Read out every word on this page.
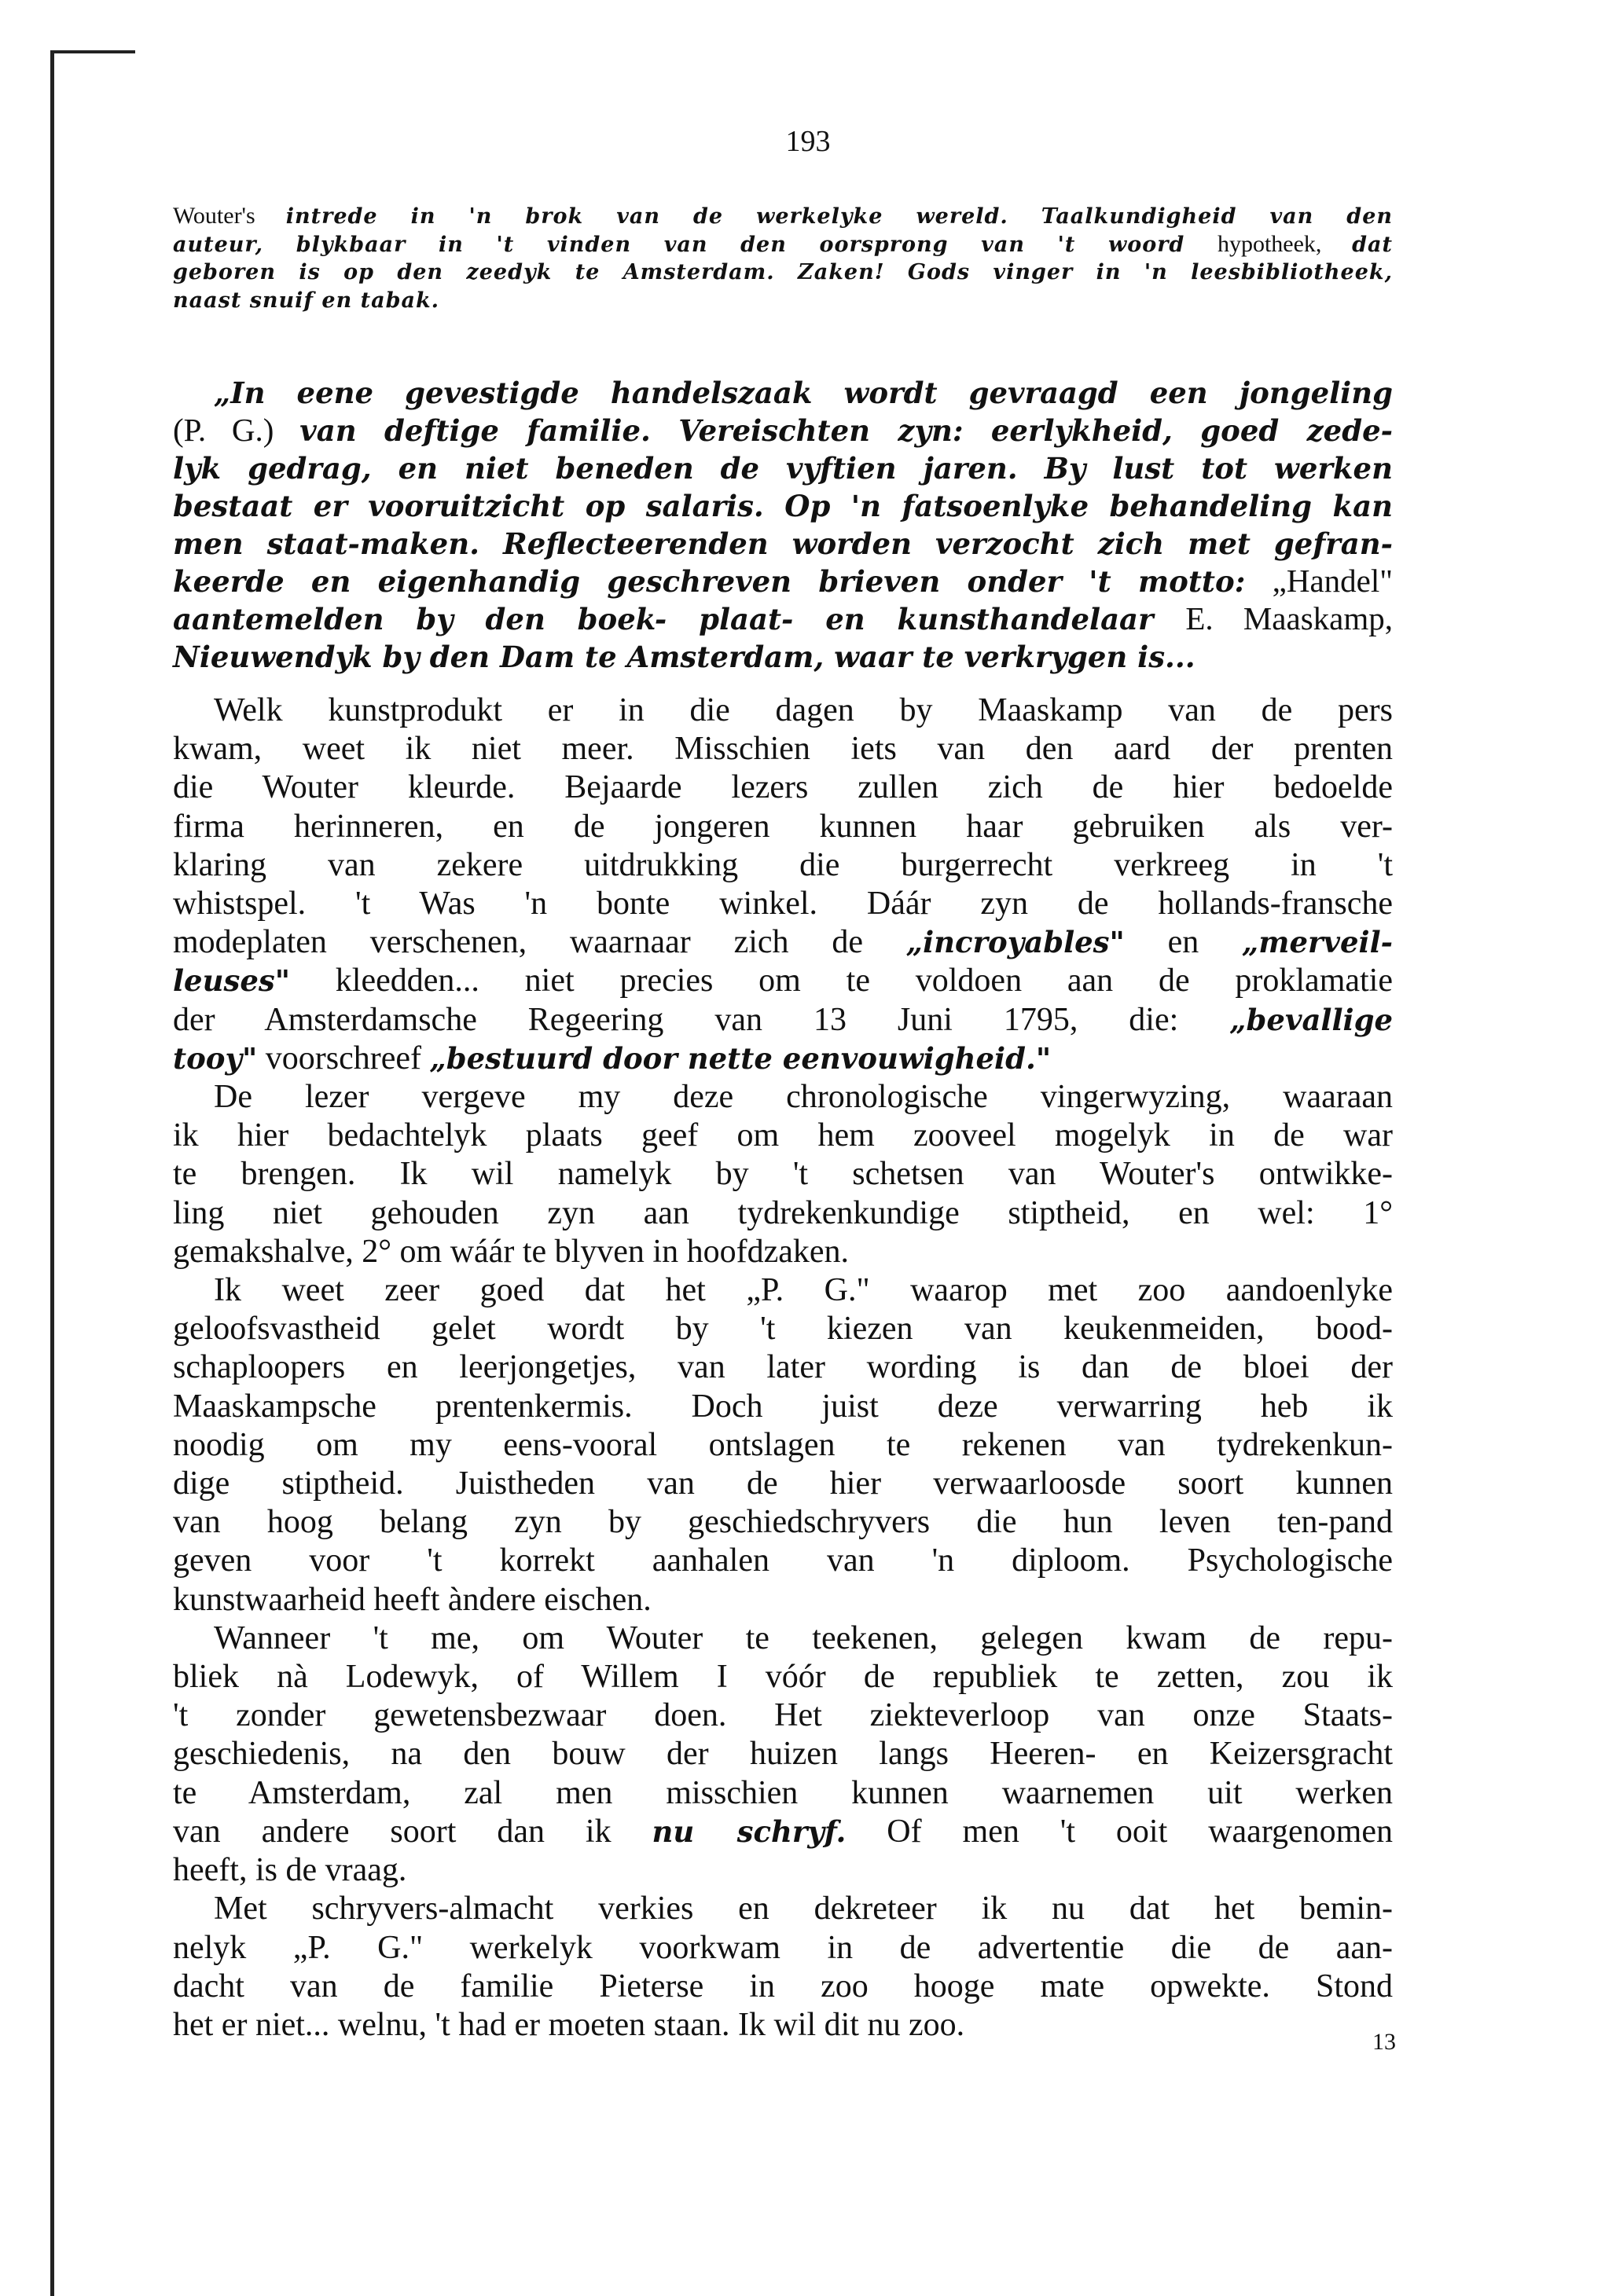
193
Wouter's intrede in 'n brok van de werkelyke wereld. Taalkundigheid van den
auteur, blykbaar in 't vinden van den oorsprong van 't woord hypotheek, dat
geboren is op den zeedyk te Amsterdam. Zaken! Gods vinger in 'n leesbibliotheek,
naast snuif en tabak.
„In eene gevestigde handelszaak wordt gevraagd een jongeling
(P. G.) van deftige familie. Vereischten zyn: eerlykheid, goed zede-
lyk gedrag, en niet beneden de vyftien jaren. By lust tot werken
bestaat er vooruitzicht op salaris. Op 'n fatsoenlyke behandeling kan
men staat-maken. Reflecteerenden worden verzocht zich met gefran-
keerde en eigenhandig geschreven brieven onder 't motto: „Handel"
aantemelden by den boek- plaat- en kunsthandelaar E. Maaskamp,
Nieuwendyk by den Dam te Amsterdam, waar te verkrygen is...
Welk kunstprodukt er in die dagen by Maaskamp van de pers
kwam, weet ik niet meer. Misschien iets van den aard der prenten
die Wouter kleurde. Bejaarde lezers zullen zich de hier bedoelde
firma herinneren, en de jongeren kunnen haar gebruiken als ver-
klaring van zekere uitdrukking die burgerrecht verkreeg in 't
whistspel. 't Was 'n bonte winkel. Dáár zyn de hollands-fransche
modeplaten verschenen, waarnaar zich de „incroyables" en „merveil-
leuses" kleedden... niet precies om te voldoen aan de proklamatie
der Amsterdamsche Regeering van 13 Juni 1795, die: „bevallige
tooy" voorschreef „bestuurd door nette eenvouwigheid."
De lezer vergeve my deze chronologische vingerwyzing, waaraan
ik hier bedachtelyk plaats geef om hem zooveel mogelyk in de war
te brengen. Ik wil namelyk by 't schetsen van Wouter's ontwikke-
ling niet gehouden zyn aan tydrekenkundige stiptheid, en wel: 1°
gemakshalve, 2° om wáár te blyven in hoofdzaken.
Ik weet zeer goed dat het „P. G." waarop met zoo aandoenlyke
geloofsvastheid gelet wordt by 't kiezen van keukenmeiden, bood-
schaploopers en leerjongetjes, van later wording is dan de bloei der
Maaskampsche prentenkermis. Doch juist deze verwarring heb ik
noodig om my eens-vooral ontslagen te rekenen van tydrekenkun-
dige stiptheid. Juistheden van de hier verwaarloosde soort kunnen
van hoog belang zyn by geschiedschryvers die hun leven ten-pand
geven voor 't korrekt aanhalen van 'n diploom. Psychologische
kunstwaarheid heeft àndere eischen.
Wanneer 't me, om Wouter te teekenen, gelegen kwam de repu-
bliek nà Lodewyk, of Willem I vóór de republiek te zetten, zou ik
't zonder gewetensbezwaar doen. Het ziekteverloop van onze Staats-
geschiedenis, na den bouw der huizen langs Heeren- en Keizersgracht
te Amsterdam, zal men misschien kunnen waarnemen uit werken
van andere soort dan ik nu schryf. Of men 't ooit waargenomen
heeft, is de vraag.
Met schryvers-almacht verkies en dekreteer ik nu dat het bemin-
nelyk „P. G." werkelyk voorkwam in de advertentie die de aan-
dacht van de familie Pieterse in zoo hooge mate opwekte. Stond
het er niet... welnu, 't had er moeten staan. Ik wil dit nu zoo.	13
